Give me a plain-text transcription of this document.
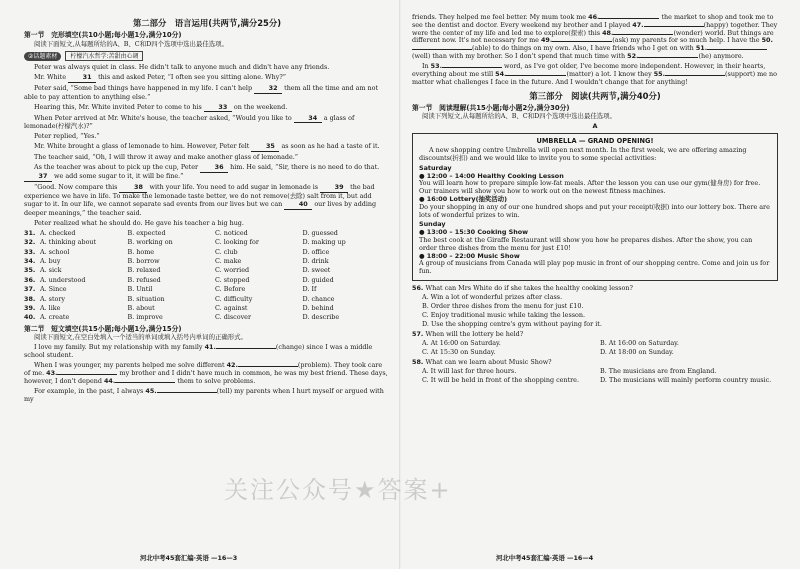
第二部分　语言运用(共两节,满分25分)
第一节　完形填空(共10小题;每小题1分,满分10分)

阅读下面短文,从每题所给的A、B、C和D四个选项中选出最佳选项。

②话题素材 柠檬汽水哲学:苦甜由心调

Peter was always quiet in class. He didn't talk to anyone much and didn't have any friends.

Mr. White 31 this and asked Peter, “I often see you sitting alone. Why?”

Peter said, “Some bad things have happened in my life. I can't help 32 them all the time and am not able to pay attention to anything else.”

Hearing this, Mr. White invited Peter to come to his 33 on the weekend.

When Peter arrived at Mr. White's house, the teacher asked, “Would you like to 34 a glass of lemonade(柠檬汽水)?”

Peter replied, “Yes.”

Mr. White brought a glass of lemonade to him. However, Peter felt 35 as soon as he had a taste of it.

The teacher said, “Oh, I will throw it away and make another glass of lemonade.”

As the teacher was about to pick up the cup, Peter 36 him. He said, “Sir, there is no need to do that. 37 we add some sugar to it, it will be fine.”

“Good. Now compare this 38 with your life. You need to add sugar in lemonade is 39 the bad experience we have in life. To make the lemonade taste better, we do not remove(去除) salt from it, but add sugar to it. In our life, we cannot separate sad events from our lives but we can 40 our lives by adding deeper meanings,” the teacher said.

Peter realized what he should do. He gave his teacher a big hug.

31. A. checked	B. expected	C. noticed	D. guessed
32. A. thinking about	B. working on	C. looking for	D. making up
33. A. school	B. home	C. club	D. office
34. A. buy	B. borrow	C. make	D. drink
35. A. sick	B. relaxed	C. worried	D. sweet
36. A. understood	B. refused	C. stopped	D. guided
37. A. Since	B. Until	C. Before	D. If
38. A. story	B. situation	C. difficulty	D. chance
39. A. like	B. about	C. against	D. behind
40. A. create	B. improve	C. discover	D. describe
第二节　短文填空(共15小题;每小题1分,满分15分)

阅读下面短文,在空白处填入一个适当的单词或填入括号内单词的正确形式。

I love my family. But my relationship with my family 41.	(change) since I was a middle school student.

When I was younger, my parents helped me solve different 42.	(problem). They took care of me. 43.	my brother and I didn't have much in common, he was my best friend. These days, however, I don't depend 44.	them to solve problems.

For example, in the past, I always 45.	(tell) my parents when I hurt myself or argued with my

河北中考45套汇编·英语 —16—3

friends. They helped me feel better. My mum took me 46.	the market to shop and took me to see the dentist and doctor. Every weekend my brother and I played 47.	(happy) together. They were the center of my life and led me to explore(探索) this 48.	(wonder) world. But things are different now. It's not necessary for me 49.	(ask) my parents for so much help. I have the 50.(able) to do things on my own. Also, I have friends who I get on with 51.(well) than with my brother. So I don't spend that much time with 52.	(he) anymore.

In 53.	word, as I've got older, I've become more independent. However, in their hearts, everything about me still 54.	(matter) a lot. I know they 55.	(support) me no matter what challenges I face in the future. And I wouldn't change that for anything!

第三部分　阅读(共两节,满分40分)
第一节　阅读理解(共15小题;每小题2分,满分30分)

阅读下列短文,从每题所给的A、B、C和D四个选项中选出最佳选项。

A
UMBRELLA — GRAND OPENING!

A new shopping centre Umbrella will open next month. In the first week, we are offering amazing discounts(折扣) and we would like to invite you to some special activities:

Saturday
● 12:00 – 14:00 Healthy Cooking Lesson
You will learn how to prepare simple low-fat meals. After the lesson you can use our gym(健身房) for free. Our trainers will show you how to work out on the newest fitness machines.
● 16:00 Lottery(抽奖活动)
Do your shopping in any of our one hundred shops and put your receipt(收据) into our lottery box. There are lots of wonderful prizes to win.
Sunday
● 13:00 – 15:30 Cooking Show
The best cook at the Giraffe Restaurant will show you how he prepares dishes. After the show, you can order three dishes from the menu for just £10!
● 18:00 – 22:00 Music Show
A group of musicians from Canada will play pop music in front of our shopping centre. Come and join us for fun.
56. What can Mrs White do if she takes the healthy cooking lesson?
A. Win a lot of wonderful prizes after class.
B. Order three dishes from the menu for just £10.
C. Enjoy traditional music while taking the lesson.
D. Use the shopping centre's gym without paying for it.
57. When will the lottery be held?
A. At 16:00 on Saturday.	B. At 16:00 on Saturday.
C. At 15:30 on Sunday.	D. At 18:00 on Sunday.
58. What can we learn about Music Show?
A. It will last for three hours.	B. The musicians are from England.
C. It will be held in front of the shopping centre.	D. The musicians will mainly perform country music.
河北中考45套汇编·英语 —16—4
关注公众号★答案+
